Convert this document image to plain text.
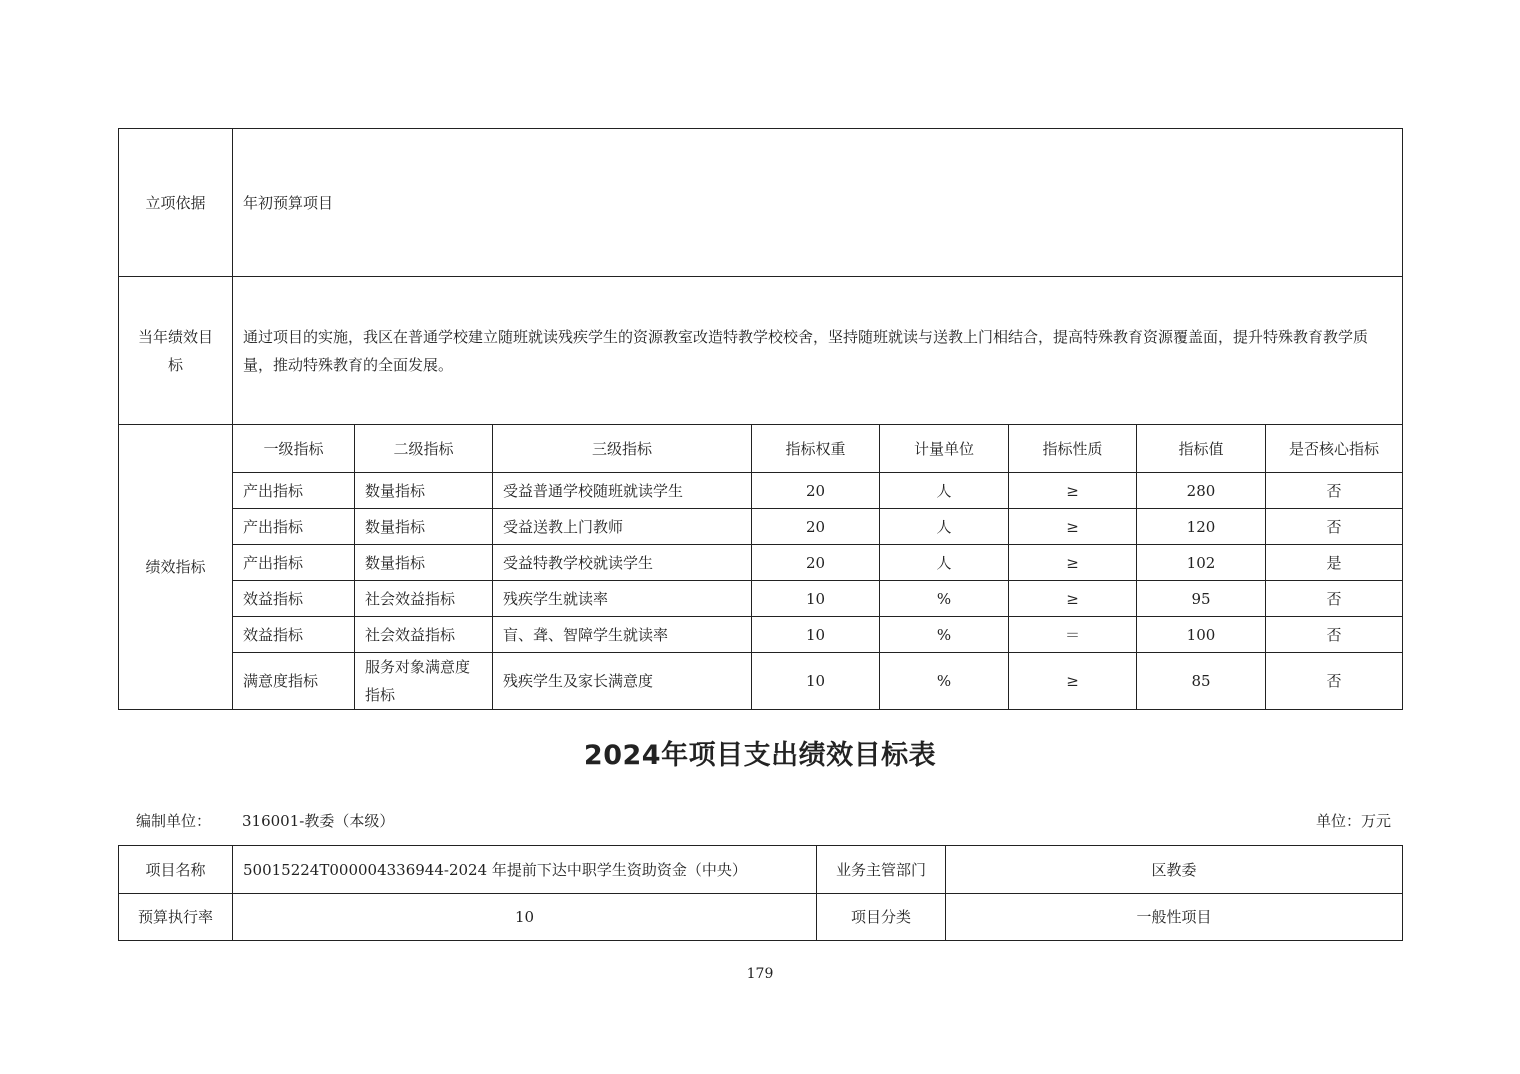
立项依据	年初预算项目							
当年绩效目标	通过项目的实施，我区在普通学校建立随班就读残疾学生的资源教室改造特教学校校舍，坚持随班就读与送教上门相结合，提高特殊教育资源覆盖面，提升特殊教育教学质量，推动特殊教育的全面发展。							
绩效指标	一级指标	二级指标	三级指标	指标权重	计量单位	指标性质	指标值	是否核心指标
	产出指标	数量指标	受益普通学校随班就读学生	20	人	≥	280	否
	产出指标	数量指标	受益送教上门教师	20	人	≥	120	否
	产出指标	数量指标	受益特教学校就读学生	20	人	≥	102	是
	效益指标	社会效益指标	残疾学生就读率	10	%	≥	95	否
	效益指标	社会效益指标	盲、聋、智障学生就读率	10	%	＝	100	否
	满意度指标	服务对象满意度指标	残疾学生及家长满意度	10	%	≥	85	否
2024年项目支出绩效目标表
编制单位： 316001-教委（本级）	单位：万元
项目名称	50015224T000004336944-2024 年提前下达中职学生资助资金（中央）	业务主管部门	区教委
预算执行率	10	项目分类	一般性项目
179
